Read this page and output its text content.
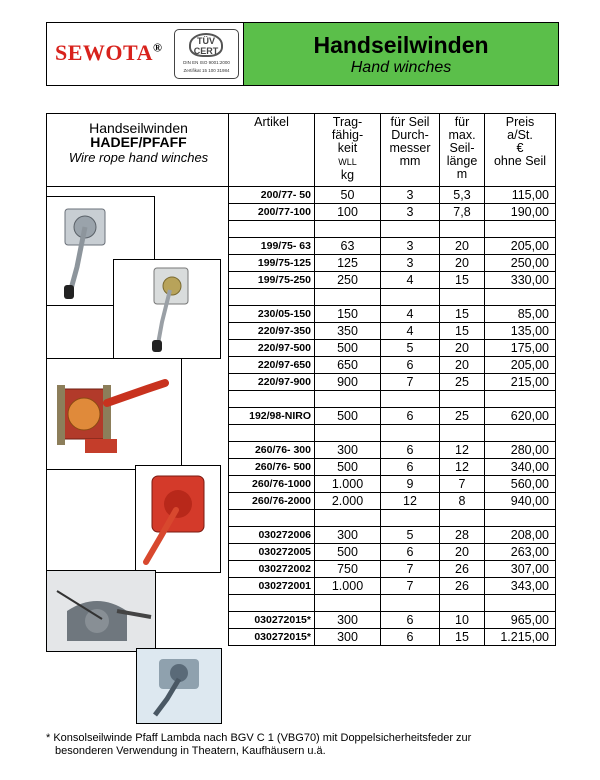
SEWOTA®	TÜV CERT
DIN EN ISO 9001:2000
Zertifikat 15 100 31984
Handseilwinden
Hand winches
Handseilwinden
HADEF/PFAFF
Wire rope hand winches	Artikel	Trag-
fähig-
keit
WLL
kg	für Seil
Durch-
messer
mm	für
max.
Seil-
länge
m	Preis
a/St.
€
ohne Seil
	200/77- 50	50	3	5,3	115,00
	200/77-100	100	3	7,8	190,00

	199/75- 63	63	3	20	205,00
	199/75-125	125	3	20	250,00
	199/75-250	250	4	15	330,00

	230/05-150	150	4	15	85,00
	220/97-350	350	4	15	135,00
	220/97-500	500	5	20	175,00
	220/97-650	650	6	20	205,00
	220/97-900	900	7	25	215,00

	192/98-NIRO	500	6	25	620,00

	260/76- 300	300	6	12	280,00
	260/76- 500	500	6	12	340,00
	260/76-1000	1.000	9	7	560,00
	260/76-2000	2.000	12	8	940,00

	030272006	300	5	28	208,00
	030272005	500	6	20	263,00
	030272002	750	7	26	307,00
	030272001	1.000	7	26	343,00

	030272015*	300	6	10	965,00
	030272015*	300	6	15	1.215,00
* Konsolseilwinde Pfaff Lambda nach BGV C 1 (VBG70) mit Doppelsicherheitsfeder zur
besonderen Verwendung in Theatern, Kaufhäusern u.ä.
